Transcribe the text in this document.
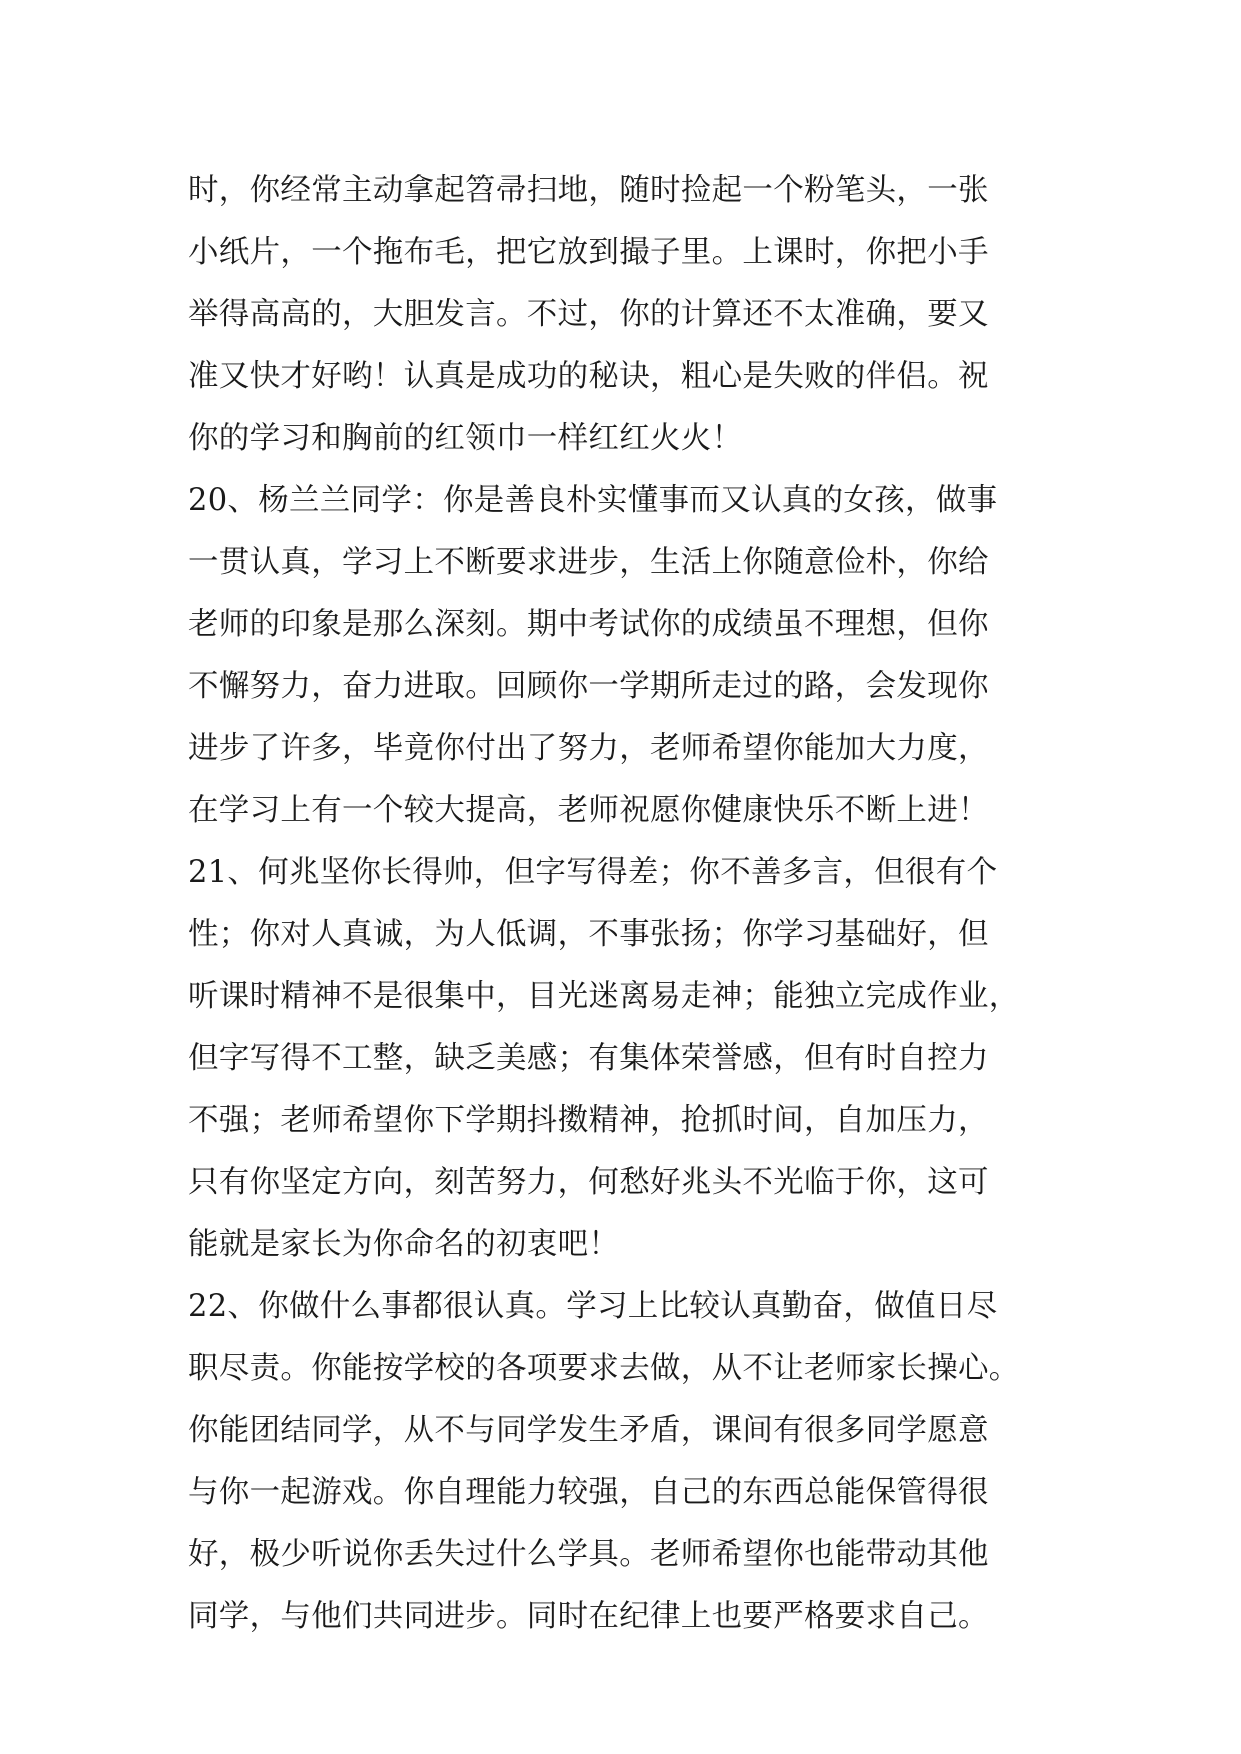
时，你经常主动拿起笤帚扫地，随时捡起一个粉笔头，一张
小纸片，一个拖布毛，把它放到撮子里。上课时，你把小手
举得高高的，大胆发言。不过，你的计算还不太准确，要又
准又快才好哟！认真是成功的秘诀，粗心是失败的伴侣。祝
你的学习和胸前的红领巾一样红红火火！
20、杨兰兰同学：你是善良朴实懂事而又认真的女孩，做事
一贯认真，学习上不断要求进步，生活上你随意俭朴，你给
老师的印象是那么深刻。期中考试你的成绩虽不理想，但你
不懈努力，奋力进取。回顾你一学期所走过的路，会发现你
进步了许多，毕竟你付出了努力，老师希望你能加大力度，
在学习上有一个较大提高，老师祝愿你健康快乐不断上进！
21、何兆坚你长得帅，但字写得差；你不善多言，但很有个
性；你对人真诚，为人低调，不事张扬；你学习基础好，但
听课时精神不是很集中，目光迷离易走神；能独立完成作业，
但字写得不工整，缺乏美感；有集体荣誉感，但有时自控力
不强；老师希望你下学期抖擞精神，抢抓时间，自加压力，
只有你坚定方向，刻苦努力，何愁好兆头不光临于你，这可
能就是家长为你命名的初衷吧！
22、你做什么事都很认真。学习上比较认真勤奋，做值日尽
职尽责。你能按学校的各项要求去做，从不让老师家长操心。
你能团结同学，从不与同学发生矛盾，课间有很多同学愿意
与你一起游戏。你自理能力较强，自己的东西总能保管得很
好，极少听说你丢失过什么学具。老师希望你也能带动其他
同学，与他们共同进步。同时在纪律上也要严格要求自己。
